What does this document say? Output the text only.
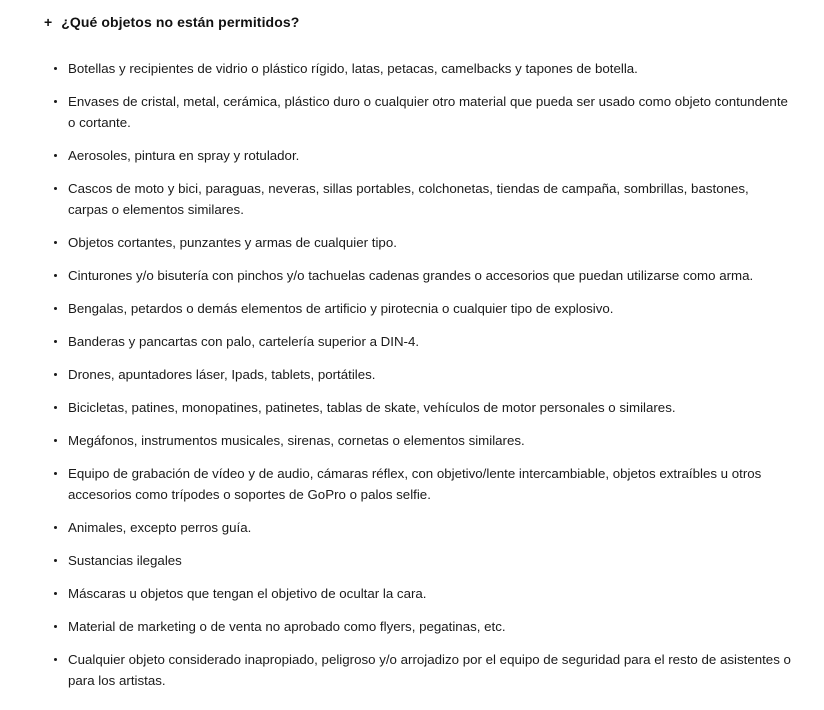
+ ¿Qué objetos no están permitidos?
Botellas y recipientes de vidrio o plástico rígido, latas, petacas, camelbacks y tapones de botella.
Envases de cristal, metal, cerámica, plástico duro o cualquier otro material que pueda ser usado como objeto contundente o cortante.
Aerosoles, pintura en spray y rotulador.
Cascos de moto y bici, paraguas, neveras, sillas portables, colchonetas, tiendas de campaña, sombrillas, bastones, carpas o elementos similares.
Objetos cortantes, punzantes y armas de cualquier tipo.
Cinturones y/o bisutería con pinchos y/o tachuelas cadenas grandes o accesorios que puedan utilizarse como arma.
Bengalas, petardos o demás elementos de artificio y pirotecnia o cualquier tipo de explosivo.
Banderas y pancartas con palo, cartelería superior a DIN-4.
Drones, apuntadores láser, Ipads, tablets, portátiles.
Bicicletas, patines, monopatines, patinetes, tablas de skate, vehículos de motor personales o similares.
Megáfonos, instrumentos musicales, sirenas, cornetas o elementos similares.
Equipo de grabación de vídeo y de audio, cámaras réflex, con objetivo/lente intercambiable, objetos extraíbles u otros accesorios como trípodes o soportes de GoPro o palos selfie.
Animales, excepto perros guía.
Sustancias ilegales
Máscaras u objetos que tengan el objetivo de ocultar la cara.
Material de marketing o de venta no aprobado como flyers, pegatinas, etc.
Cualquier objeto considerado inapropiado, peligroso y/o arrojadizo por el equipo de seguridad para el resto de asistentes o para los artistas.
